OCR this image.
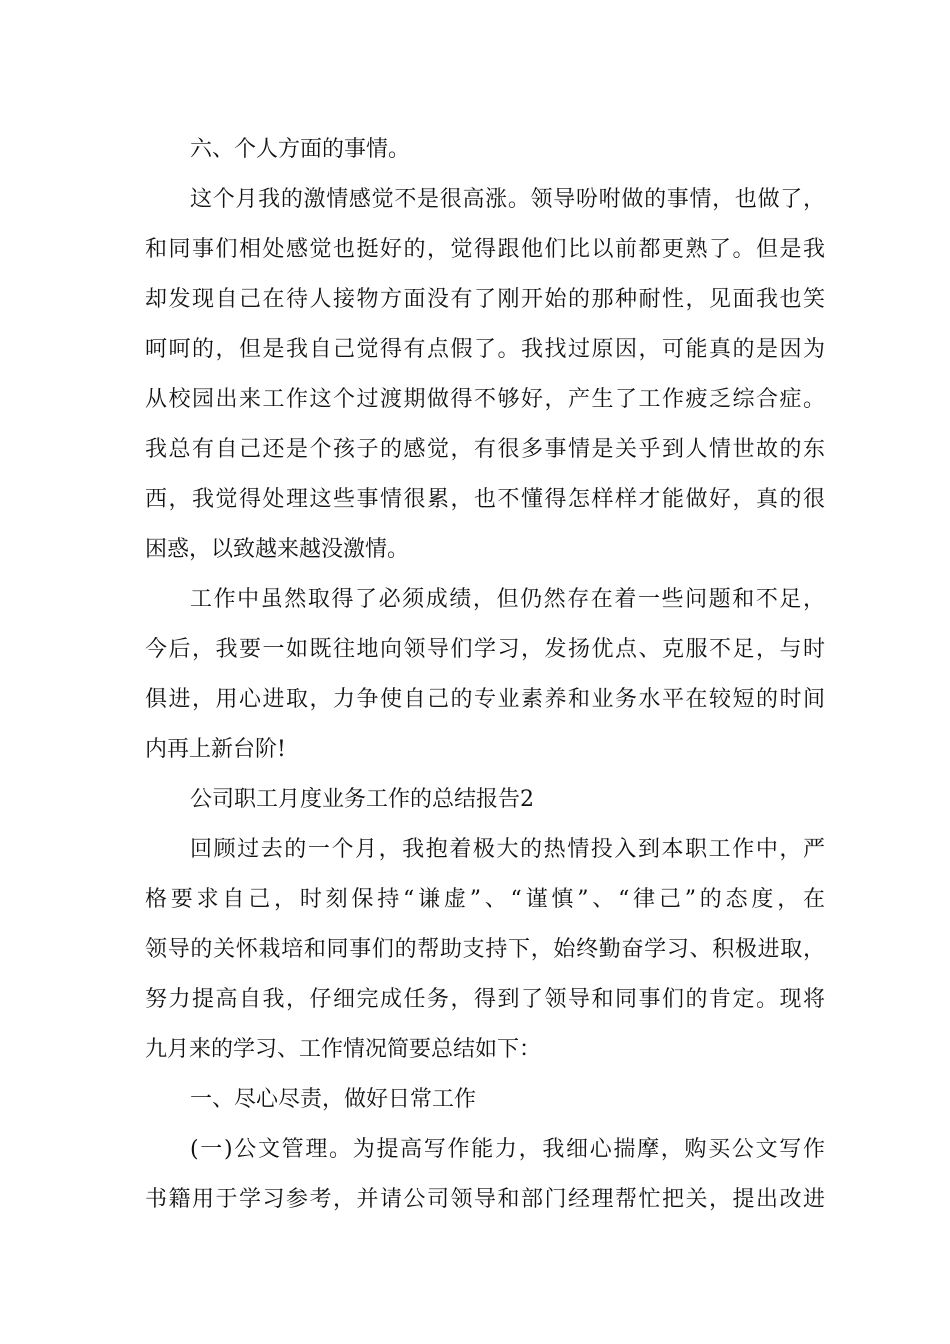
六、个人方面的事情。
这个月我的激情感觉不是很高涨。领导吩咐做的事情，也做了，
和同事们相处感觉也挺好的，觉得跟他们比以前都更熟了。但是我
却发现自己在待人接物方面没有了刚开始的那种耐性，见面我也笑
呵呵的，但是我自己觉得有点假了。我找过原因，可能真的是因为
从校园出来工作这个过渡期做得不够好，产生了工作疲乏综合症。
我总有自己还是个孩子的感觉，有很多事情是关乎到人情世故的东
西，我觉得处理这些事情很累，也不懂得怎样样才能做好，真的很
困惑，以致越来越没激情。
工作中虽然取得了必须成绩，但仍然存在着一些问题和不足，
今后，我要一如既往地向领导们学习，发扬优点、克服不足，与时
俱进，用心进取，力争使自己的专业素养和业务水平在较短的时间
内再上新台阶!
公司职工月度业务工作的总结报告2
回顾过去的一个月，我抱着极大的热情投入到本职工作中，严
格要求自己，时刻保持“谦虚”、“谨慎”、“律己”的态度，在
领导的关怀栽培和同事们的帮助支持下，始终勤奋学习、积极进取，
努力提高自我，仔细完成任务，得到了领导和同事们的肯定。现将
九月来的学习、工作情况简要总结如下：
一、尽心尽责，做好日常工作
(一)公文管理。为提高写作能力，我细心揣摩，购买公文写作
书籍用于学习参考，并请公司领导和部门经理帮忙把关，提出改进
